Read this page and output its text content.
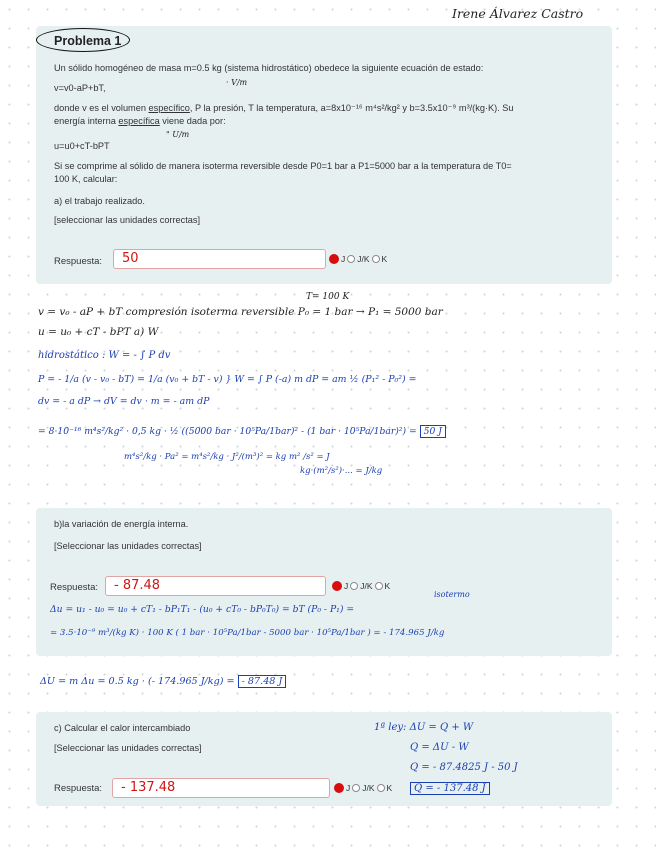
Irene Álvarez Castro
Problema 1
Un sólido homogéneo de masa m=0.5 kg (sistema hidrostático) obedece la siguiente ecuación de estado:
v=v0-aP+bT,
· V/m
donde v es el volumen específico, P la presión, T la temperatura, a=8x10⁻¹⁶ m⁴s²/kg² y b=3.5x10⁻⁹ m³/(kg·K). Su
energía interna específica viene dada por:
" U/m
u=u0+cT-bPT
Si se comprime al sólido de manera isoterma reversible desde P0=1 bar a P1=5000 bar a la temperatura de T0=
100 K, calcular:
a) el trabajo realizado.
[seleccionar las unidades correctas]
Respuesta: 50	J J/K K
T= 100 K
v = v₀ - aP + bT compresión isoterma reversible P₀ = 1 bar → P₁ = 5000 bar
u = u₀ + cT - bPT a) W
hidrostático : W = - ∫ P dv
P = - 1/a (v - v₀ - bT) = 1/a (v₀ + bT - v) } W = ∫ P (-a) m dP = am ½ (P₁² - P₀²) =
dv = - a dP → dV = dv · m = - am dP
= 8·10⁻¹⁶ m⁴s²/kg² · 0,5 kg · ½ ((5000 bar · 10⁵Pa/1bar)² - (1 bar · 10⁵Pa/1bar)²) = 50 J
m⁴s²/kg · Pa² = m⁴s²/kg · J²/(m³)² = kg m² /s² = J
kg·(m²/s²)·... = J/kg
b)la variación de energía interna.
[Seleccionar las unidades correctas]
Respuesta: - 87.48	J J/K K
isotermo
Δu = u₁ - u₀ = u₀ + cT₁ - bP₁T₁ - (u₀ + cT₀ - bP₀T₀) = bT (P₀ - P₁) =
= 3.5·10⁻⁹ m³/(kg K) · 100 K ( 1 bar · 10⁵Pa/1bar - 5000 bar · 10⁵Pa/1bar ) = - 174.965 J/kg
ΔU = m Δu = 0.5 kg · (- 174.965 J/kg) = - 87.48 J
c) Calcular el calor intercambiado
[Seleccionar las unidades correctas]
Respuesta: - 137.48	J J/K K
1ª ley: ΔU = Q + W
Q = ΔU - W
Q = - 87.4825 J - 50 J
Q = - 137.48 J
